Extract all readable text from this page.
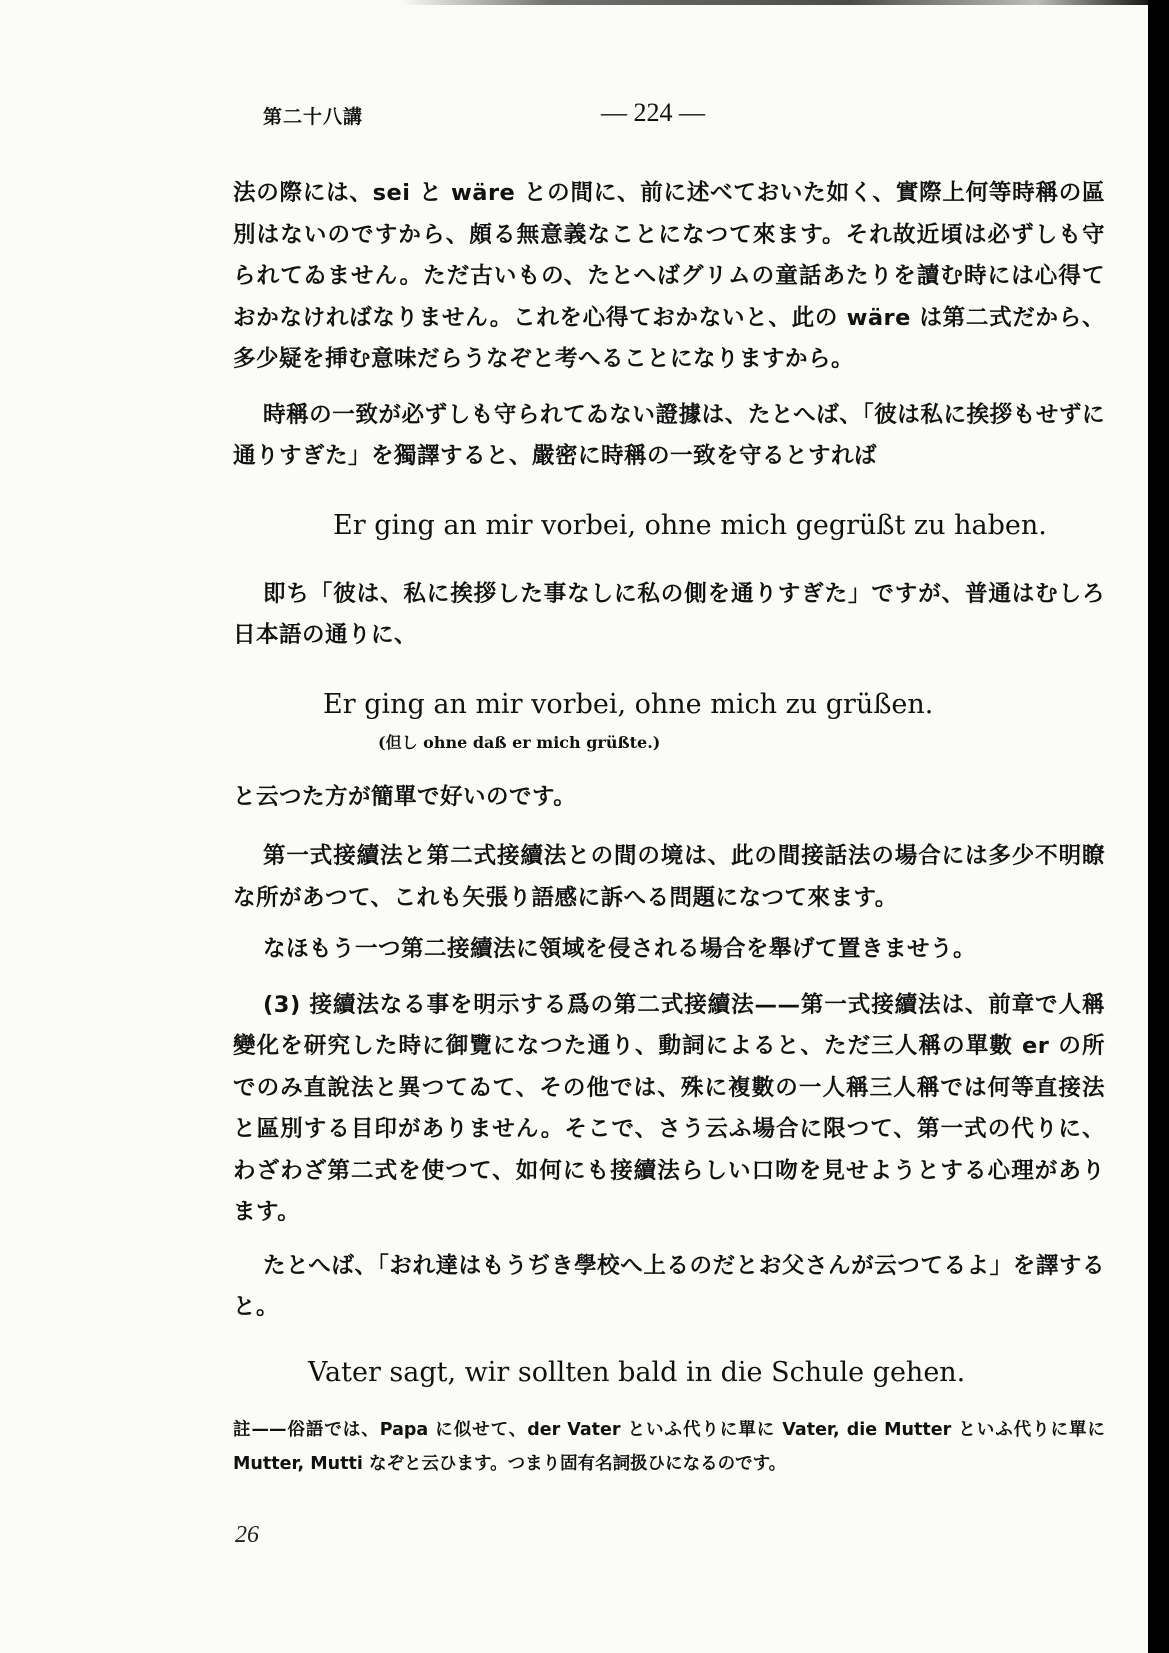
第二十八講	— 224 —

法の際には、sei と wäre との間に、前に述べておいた如く、實際上何等時稱の區別はないのですから、頗る無意義なことになつて來ます。それ故近頃は必ずしも守られてゐません。ただ古いもの、たとへばグリムの童話あたりを讀む時には心得ておかなければなりません。これを心得ておかないと、此の wäre は第二式だから、多少疑を挿む意味だらうなぞと考へることになりますから。

時稱の一致が必ずしも守られてゐない證據は、たとへば、「彼は私に挨拶もせずに通りすぎた」を獨譯すると、嚴密に時稱の一致を守るとすれば

Er ging an mir vorbei, ohne mich gegrüßt zu haben.

即ち「彼は、私に挨拶した事なしに私の側を通りすぎた」ですが、普通はむしろ日本語の通りに、

Er ging an mir vorbei, ohne mich zu grüßen.

(但し ohne daß er mich grüßte.)

と云つた方が簡單で好いのです。

第一式接續法と第二式接續法との間の境は、此の間接話法の場合には多少不明瞭な所があつて、これも矢張り語感に訴へる問題になつて來ます。

なほもう一つ第二接續法に領域を侵される場合を舉げて置きませう。

(3) 接續法なる事を明示する爲の第二式接續法——第一式接續法は、前章で人稱變化を研究した時に御覽になつた通り、動詞によると、ただ三人稱の單數 er の所でのみ直說法と異つてゐて、その他では、殊に複數の一人稱三人稱では何等直接法と區別する目印がありません。そこで、さう云ふ場合に限つて、第一式の代りに、わざわざ第二式を使つて、如何にも接續法らしい口吻を見せようとする心理があります。

たとへば、「おれ達はもうぢき學校へ上るのだとお父さんが云つてるよ」を譯すると。

Vater sagt, wir sollten bald in die Schule gehen.

註——俗語では、Papa に似せて、der Vater といふ代りに單に Vater, die Mutter といふ代りに單に Mutter, Mutti なぞと云ひます。つまり固有名詞扱ひになるのです。

26
